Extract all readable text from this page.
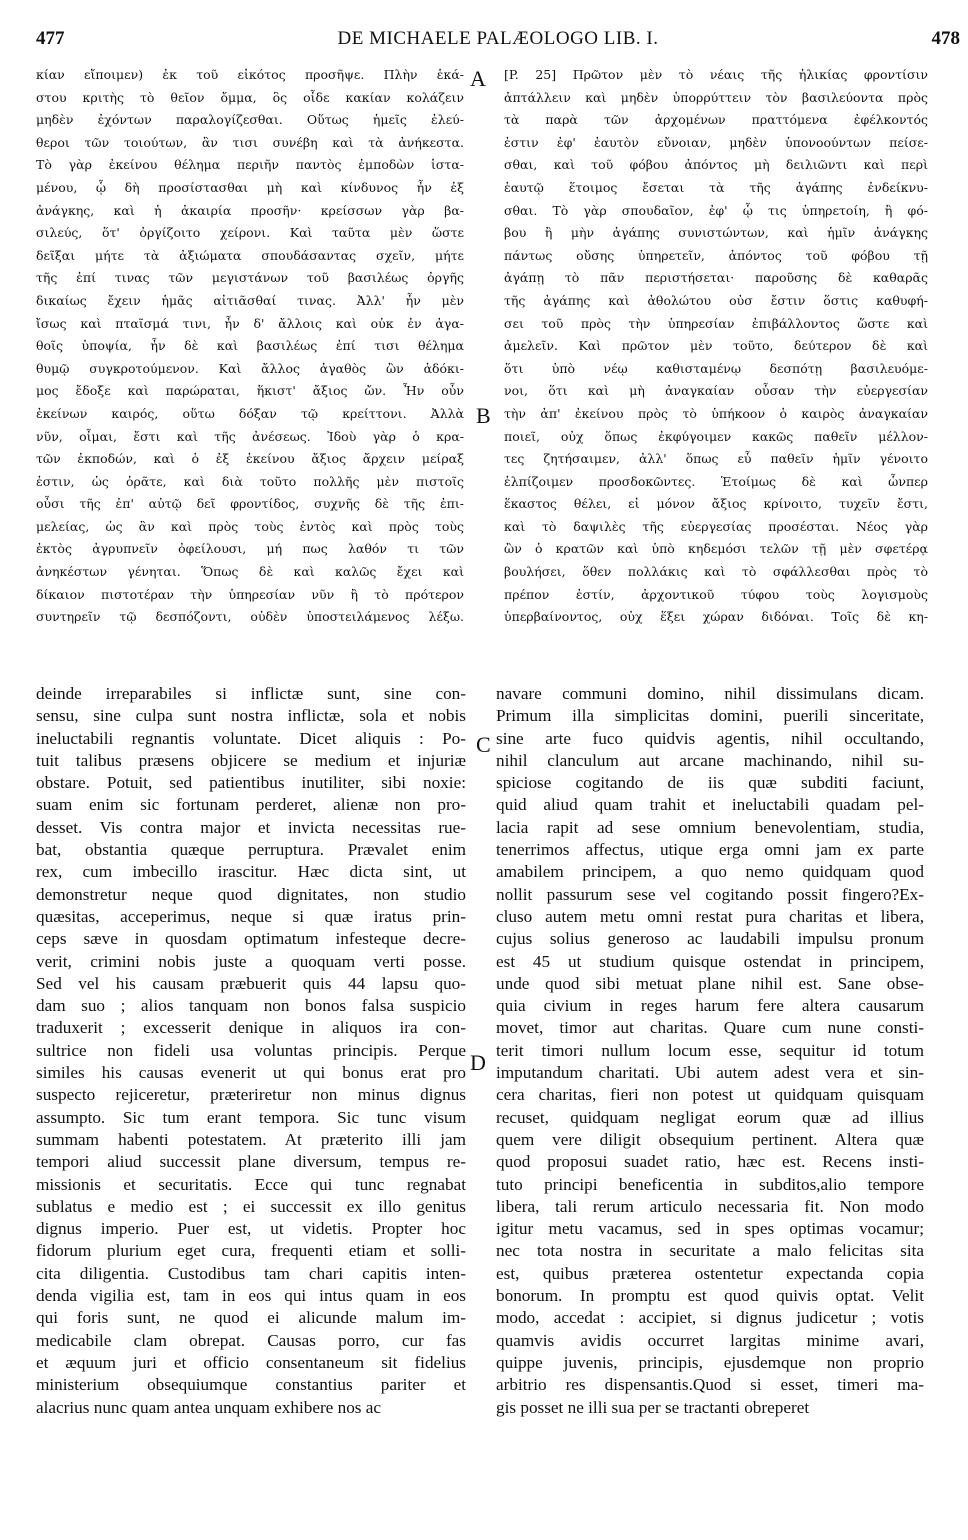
477	DE MICHAELE PALÆOLOGO LIB. I.	478
κίαν εἴποιμεν) ἐκ τοῦ εἰκότος προσῆψε. Πλὴν ἑκά-
στου κριτὴς τὸ θεῖον ὄμμα, ὃς οἶδε κακίαν κολάζειν
μηδὲν ἐχόντων παραλογίζεσθαι. Οὕτως ἡμεῖς ἐλεύ-
θεροι τῶν τοιούτων, ἂν τισι συνέβη καὶ τὰ ἀνήκεστα.
Τὸ γὰρ ἐκείνου θέλημα περιῆν παντὸς ἐμποδὼν ἱστα-
μένου, ᾧ δὴ προσίστασθαι μὴ καὶ κίνδυνος ἦν ἐξ
ἀνάγκης, καὶ ἡ ἀκαιρία προσῆν· κρείσσων γὰρ βα-
σιλεύς, ὅτ' ὀργίζοιτο χείρονι. Καὶ ταῦτα μὲν ὥστε
δεῖξαι μήτε τὰ ἀξιώματα σπουδάσαντας σχεῖν, μήτε
τῆς ἐπί τινας τῶν μεγιστάνων τοῦ βασιλέως ὀργῆς
δικαίως ἔχειν ἡμᾶς αἰτιᾶσθαί τινας. Ἀλλ' ἦν μὲν
ἴσως καὶ πταῖσμά τινι, ἦν δ' ἄλλοις καὶ οὐκ ἐν ἀγα-
θοῖς ὑποψία, ἦν δὲ καὶ βασιλέως ἐπί τισι θέλημα
θυμῷ συγκροτούμενον. Καὶ ἄλλος ἀγαθὸς ὢν ἀδόκι-
μος ἔδοξε καὶ παρώραται, ἥκιστ' ἄξιος ὤν. Ἦν οὖν
ἐκείνων καιρός, οὕτω δόξαν τῷ κρείττονι. Ἀλλὰ
νῦν, οἶμαι, ἔστι καὶ τῆς ἀνέσεως. Ἰδοὺ γὰρ ὁ κρα-
τῶν ἐκποδών, καὶ ὁ ἐξ ἐκείνου ἄξιος ἄρχειν μείραξ
ἐστιν, ὡς ὁρᾶτε, καὶ διὰ τοῦτο πολλῆς μὲν πιστοῖς
οὖσι τῆς ἐπ' αὐτῷ δεῖ φροντίδος, συχνῆς δὲ τῆς ἐπι-
μελείας, ὡς ἂν καὶ πρὸς τοὺς ἐντὸς καὶ πρὸς τοὺς
ἐκτὸς ἀγρυπνεῖν ὀφείλουσι, μή πως λαθόν τι τῶν
ἀνηκέστων γένηται. Ὅπως δὲ καὶ καλῶς ἔχει καὶ
δίκαιον πιστοτέραν τὴν ὑπηρεσίαν νῦν ἢ τὸ πρότερον
συντηρεῖν τῷ δεσπόζοντι, οὐδὲν ὑποστειλάμενος λέξω.
[P. 25] Πρῶτον μὲν τὸ νέαις τῆς ἡλικίας φροντίσιν
ἀπτάλλειν καὶ μηδὲν ὑπορρύττειν τὸν βασιλεύοντα πρὸς
τὰ παρὰ τῶν ἀρχομένων πραττόμενα ἐφέλκοντός
ἐστιν ἐφ' ἑαυτὸν εὔνοιαν, μηδὲν ὑπονοούντων πείσε-
σθαι, καὶ τοῦ φόβου ἀπόντος μὴ δειλιῶντι καὶ περὶ
ἑαυτῷ ἕτοιμος ἔσεται τὰ τῆς ἀγάπης ἐνδείκνυ-
σθαι. Τὸ γὰρ σπουδαῖον, ἐφ' ᾧ τις ὑπηρετοίη, ἢ φό-
βου ἢ μὴν ἀγάπης συνιστώντων, καὶ ἡμῖν ἀνάγκης
πάντως οὔσης ὑπηρετεῖν, ἀπόντος τοῦ φόβου τῇ
ἀγάπῃ τὸ πᾶν περιστήσεται· παροῦσης δὲ καθαρᾶς
τῆς ἀγάπης καὶ ἀθολώτου οὐσ ἔστιν ὅστις καθυφή-
σει τοῦ πρὸς τὴν ὑπηρεσίαν ἐπιβάλλοντος ὥστε καὶ
ἀμελεῖν. Καὶ πρῶτον μὲν τοῦτο, δεύτερον δὲ καὶ
ὅτι ὑπὸ νέῳ καθισταμένῳ δεσπότῃ βασιλευόμε-
νοι, ὅτι καὶ μὴ ἀναγκαίαν οὖσαν τὴν εὐεργεσίαν
τὴν ἀπ' ἐκείνου πρὸς τὸ ὑπήκοον ὁ καιρὸς ἀναγκαίαν
ποιεῖ, οὐχ ὅπως ἐκφύγοιμεν κακῶς παθεῖν μέλλον-
τες ζητήσαιμεν, ἀλλ' ὅπως εὖ παθεῖν ἡμῖν γένοιτο
ἐλπίζοιμεν προσδοκῶντες. Ἑτοίμως δὲ καὶ ὧνπερ
ἕκαστος θέλει, εἰ μόνον ἄξιος κρίνοιτο, τυχεῖν ἔστι,
καὶ τὸ δαψιλὲς τῆς εὐεργεσίας προσέσται. Νέος γὰρ
ὢν ὁ κρατῶν καὶ ὑπὸ κηδεμόσι τελῶν τῇ μὲν σφετέρᾳ
βουλήσει, ὅθεν πολλάκις καὶ τὸ σφάλλεσθαι πρὸς τὸ
πρέπον ἐστίν, ἀρχοντικοῦ τύφου τοὺς λογισμοὺς
ὑπερβαίνοντος, οὐχ ἕξει χώραν διδόναι. Τοῖς δὲ κη-
deinde irreparabiles si inflictæ sunt, sine con-
sensu, sine culpa sunt nostra inflictæ, sola et nobis
ineluctabili regnantis voluntate. Dicet aliquis : Po-
tuit talibus præsens objicere se medium et injuriæ
obstare. Potuit, sed patientibus inutiliter, sibi noxie:
suam enim sic fortunam perderet, alienæ non pro-
desset. Vis contra major et invicta necessitas rue-
bat, obstantia quæque perruptura. Prævalet enim
rex, cum imbecillo irascitur. Hæc dicta sint, ut
demonstretur neque quod dignitates, non studio
quæsitas, acceperimus, neque si quæ iratus prin-
ceps sæve in quosdam optimatum infesteque decre-
verit, crimini nobis juste a quoquam verti posse.
Sed vel his causam præbuerit quis 44 lapsu quo-
dam suo ; alios tanquam non bonos falsa suspicio
traduxerit ; excesserit denique in aliquos ira con-
sultrice non fideli usa voluntas principis. Perque
similes his causas evenerit ut qui bonus erat pro
suspecto rejiceretur, præteriretur non minus dignus
assumpto. Sic tum erant tempora. Sic tunc visum
summam habenti potestatem. At præterito illi jam
tempori aliud successit plane diversum, tempus re-
missionis et securitatis. Ecce qui tunc regnabat
sublatus e medio est ; ei successit ex illo genitus
dignus imperio. Puer est, ut videtis. Propter hoc
fidorum plurium eget cura, frequenti etiam et solli-
cita diligentia. Custodibus tam chari capitis inten-
denda vigilia est, tam in eos qui intus quam in eos
qui foris sunt, ne quod ei alicunde malum im-
medicabile clam obrepat. Causas porro, cur fas
et æquum juri et officio consentaneum sit fidelius
ministerium obsequiumque constantius pariter et
alacrius nunc quam antea unquam exhibere nos ac
navare communi domino, nihil dissimulans dicam.
Primum illa simplicitas domini, puerili sinceritate,
sine arte fuco quidvis agentis, nihil occultando,
nihil clanculum aut arcane machinando, nihil su-
spiciose cogitando de iis quæ subditi faciunt,
quid aliud quam trahit et ineluctabili quadam pel-
lacia rapit ad sese omnium benevolentiam, studia,
tenerrimos affectus, utique erga omni jam ex parte
amabilem principem, a quo nemo quidquam quod
nollit passurum sese vel cogitando possit fingero?Ex-
cluso autem metu omni restat pura charitas et libera,
cujus solius generoso ac laudabili impulsu pronum
est 45 ut studium quisque ostendat in principem,
unde quod sibi metuat plane nihil est. Sane obse-
quia civium in reges harum fere altera causarum
movet, timor aut charitas. Quare cum nune consti-
terit timori nullum locum esse, sequitur id totum
imputandum charitati. Ubi autem adest vera et sin-
cera charitas, fieri non potest ut quidquam quisquam
recuset, quidquam negligat eorum quæ ad illius
quem vere diligit obsequium pertinent. Altera quæ
quod proposui suadet ratio, hæc est. Recens insti-
tuto principi beneficentia in subditos,alio tempore
libera, tali rerum articulo necessaria fit. Non modo
igitur metu vacamus, sed in spes optimas vocamur;
nec tota nostra in securitate a malo felicitas sita
est, quibus præterea ostentetur expectanda copia
bonorum. In promptu est quod quivis optat. Velit
modo, accedat : accipiet, si dignus judicetur ; votis
quamvis avidis occurret largitas minime avari,
quippe juvenis, principis, ejusdemque non proprio
arbitrio res dispensantis.Quod si esset, timeri ma-
gis posset ne illi sua per se tractanti obreperet
A
B
C
D
